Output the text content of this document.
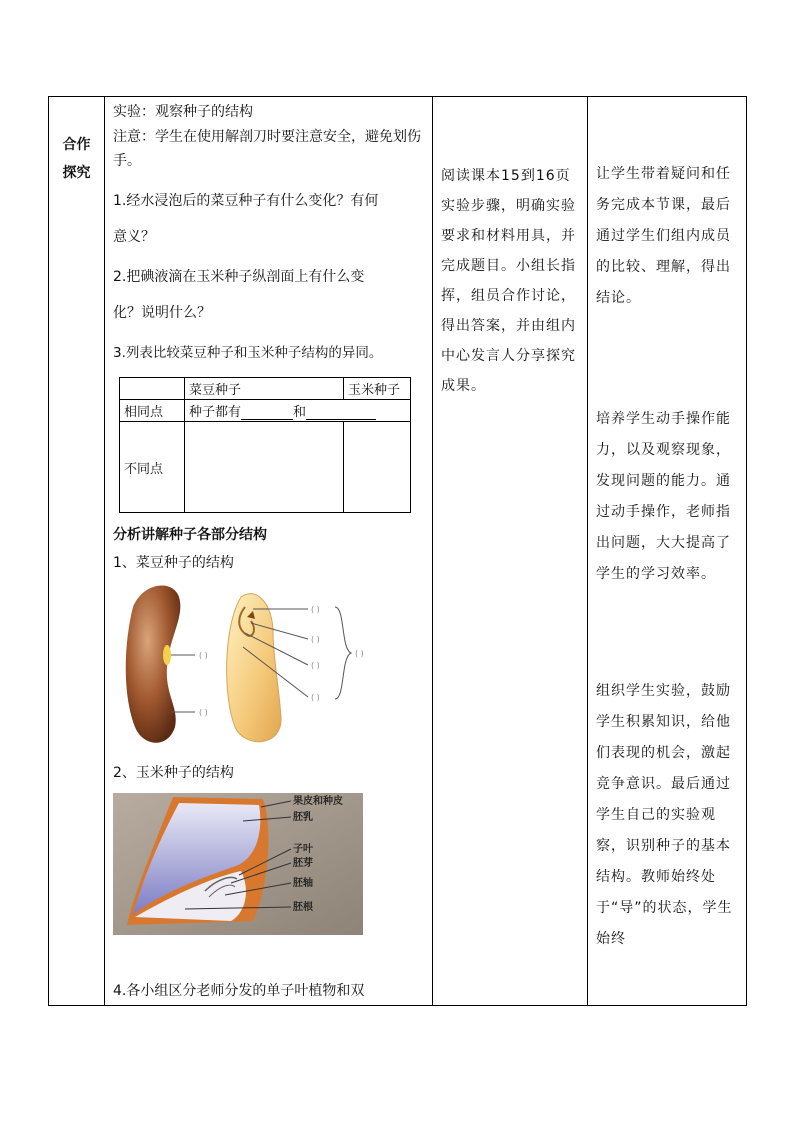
合作
探究

实验：观察种子的结构

注意：学生在使用解剖刀时要注意安全，避免划伤手。

1.经水浸泡后的菜豆种子有什么变化？有何
意义？

2.把碘液滴在玉米种子纵剖面上有什么变
化？说明什么？

3.列表比较菜豆种子和玉米种子结构的异同。

	菜豆种子	玉米种子
相同点	种子都有	和
不同点		

分析讲解种子各部分结构

1、菜豆种子的结构

( )
( )
( )
( )
( )
( )
( )

2、玉米种子的结构

果皮和种皮
胚乳
子叶
胚芽
胚轴
胚根

4.各小组区分老师分发的单子叶植物和双

阅读课本15到16页实验步骤，明确实验要求和材料用具，并完成题目。小组长指挥，组员合作讨论，得出答案，并由组内中心发言人分享探究成果。

让学生带着疑问和任务完成本节课，最后通过学生们组内成员的比较、理解，得出结论。
培养学生动手操作能力，以及观察现象，发现问题的能力。通过动手操作，老师指出问题，大大提高了学生的学习效率。
组织学生实验，鼓励学生积累知识，给他们表现的机会，激起竞争意识。最后通过学生自己的实验观察，识别种子的基本结构。教师始终处于“导”的状态，学生始终
